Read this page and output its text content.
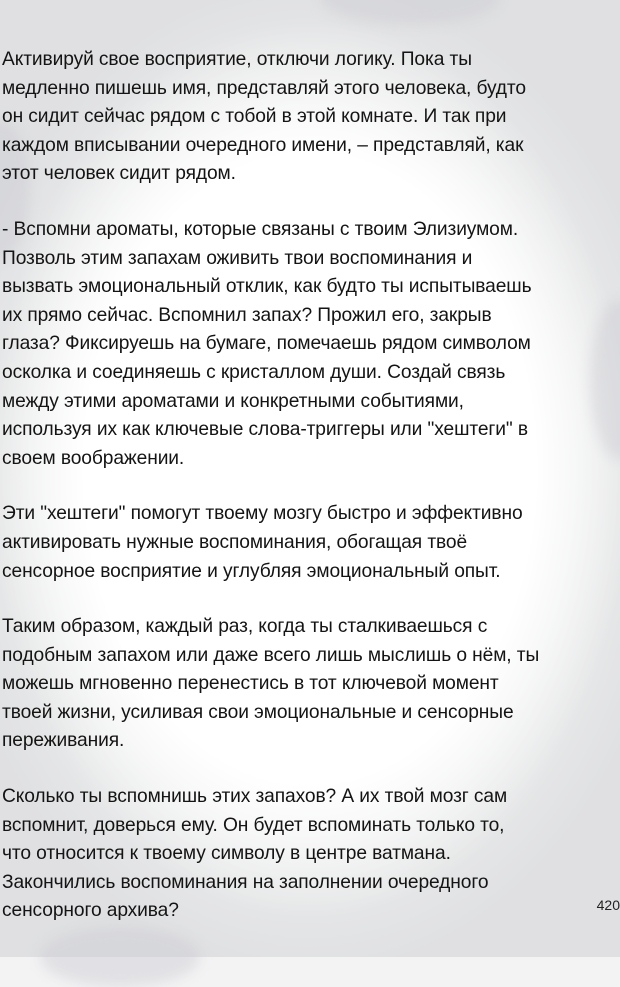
Активируй свое восприятие, отключи логику. Пока ты
медленно пишешь имя, представляй этого человека, будто
он сидит сейчас рядом с тобой в этой комнате. И так при
каждом вписывании очередного имени, – представляй, как
этот человек сидит рядом.

- Вспомни ароматы, которые связаны с твоим Элизиумом.
Позволь этим запахам оживить твои воспоминания и
вызвать эмоциональный отклик, как будто ты испытываешь
их прямо сейчас. Вспомнил запах? Прожил его, закрыв
глаза? Фиксируешь на бумаге, помечаешь рядом символом
осколка и соединяешь с кристаллом души. Создай связь
между этими ароматами и конкретными событиями,
используя их как ключевые слова-триггеры или "хештеги" в
своем воображении.

Эти "хештеги" помогут твоему мозгу быстро и эффективно
активировать нужные воспоминания, обогащая твоё
сенсорное восприятие и углубляя эмоциональный опыт.

Таким образом, каждый раз, когда ты сталкиваешься с
подобным запахом или даже всего лишь мыслишь о нём, ты
можешь мгновенно перенестись в тот ключевой момент
твоей жизни, усиливая свои эмоциональные и сенсорные
переживания.

Сколько ты вспомнишь этих запахов? А их твой мозг сам
вспомнит, доверься ему. Он будет вспоминать только то,
что относится к твоему символу в центре ватмана.
Закончились воспоминания на заполнении очередного
сенсорного архива?	420
